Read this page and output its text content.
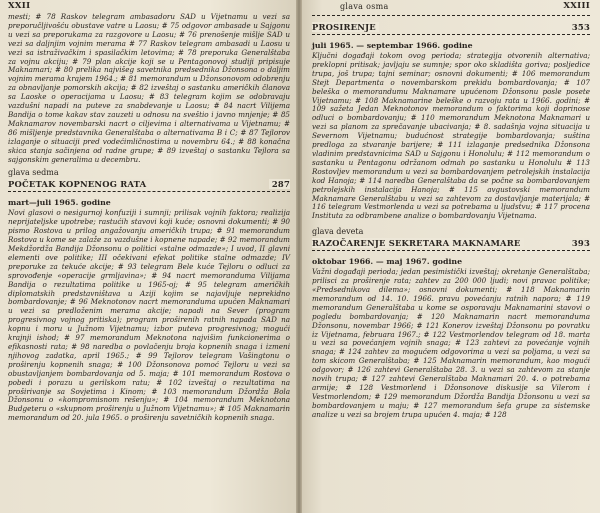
XXII

mesti; # 78 Raskov telegram ambasadoru SAD u Vijetnamu u vezi sa preporučljivošću obustave vatre u Laosu; # 75 odgovor ambasade u Sajgonu u vezi sa preporukama za razgovore u Laosu; # 76 prenošenje mišlje SAD u vezi sa daljnjim vojnim merama # 77 Raskov telegram ambasadi u Laosu u vezi sa istraživačkim i spasilačkim letovima; # 78 preporuka Generalštaba za vojnu akciju; # 79 plan akcije koji se u Pentagonovoj studiji pripisuje Maknamari; # 80 prelika najvišeg savetnika predsednika Džonsona o daljim vojnim merama krajem 1964.; # 81 memorandum u Džonsonovom odobrenju za obnavljanje pomorskih akcija; # 82 izveštaj o sastanku američkih članova sa Laoske o operacijama u Laosu; # 83 telegram kojim se odobravaju vazdušni napadi na puteve za snabdevanje u Laosu; # 84 nacrt Vilijema Bandija o tome kakav stav zauzeti u odnosu na sveštio i javno mnjenje; # 85 Maknamarov novembarski nacrt o ciljevima i alternativama u Vijetnamu; # 86 mišljenje predstavnika Generalštaba o alternativama B i C; # 87 Tejlorov izlaganje o situaciji pred vodećimličnostima u novembru 64.; # 88 konačna skica stanja sačinjena od radne grupe; # 89 izveštaj o sastanku Tejlora sa sajgonskim generalima u decembru.

glava sedma
POČETAK KOPNENOG RATA	287
mart—juli 1965. godine

Novi glasovi o nesigurnoj konfuziji i sumnji; prilisak vojnih faktora; realizija neprijateljske upotrebe; rastućih stavovi koji kuće; osnovni dokumenti; # 90 pismo Rostova u prilog angažovanju američkih trupa; # 91 memorandum Rostova u kome se zalaže za vazdušne i kopnene napade; # 92 memorandum Mekdžordža Bandija Džonsonu o politici «stalne odmazde»; I uvod, II glavni elementi ove politike; III očekivani efekat politike stalne odmazde; IV preporuke za tekuće akcije; # 93 telegram Bele kuće Tejloru o odluci za sprovođenje «operacije grmljavina»; # 94 nacrt memoranduma Vilijama Bandija o rezultatima politike u 1965-oj; # 95 telegram američkih diplomatskih predstavništava u Aziji kojim se najavljuje neprekidno bombardovanje; # 96 Meknotonov nacrt memoranduma upućen Maknamari u vezi sa predloženim merama akcije; napadi na Sever (program progresivnog vojnog pritiska); program proširenih ratnih napada SAD na kopnu i moru u Južnom Vijetnamu; izbor puteva progresivnog; mogući krajnji ishod; # 97 memorandum Meknotona najvišim funkcionerima o efikasnosti rata; # 98 naredba o povlačenju broja kopnenih snaga i izmeni njihovog zadatka, april 1965.; # 99 Tejlorov telegram Vašingtonu o proširenju kopnenih snaga; # 100 Džonsonova pomoć Tejloru u vezi sa obustavljanjem bombardovanja od 5. maja; # 101 memorandum Rostova o pobedi i porazu u gerilskom ratu; # 102 izveštaj o rezultatima na proširivanje sa Sovjetima i Kinom; # 103 memorandum Džordža Bola Džonsonu o «kompromisnom rešenju»; # 104 memorandum Meknotona Budgeteru o «skupnom proširenju u Južnom Vijetnamu»; # 105 Maknamarin memorandum od 20. jula 1965. o proširenju savetničkih kopnenih snaga.

glava osma	XXIII
PROSIRENJE	353
juli 1965. — septembar 1966. godine

Ključni događaji tokom ovog perioda; strategija otvorenih alternativa; preklopni pritisak; javljaju se sumnje; spor oko skladišta goriva; posljedice trupa, još trupa; tajni seminar; osnovni dokumenti; # 106 memorandum Stejt Departmenta o novembarskom prekidu bombardovanja; # 107 beleška o memorandumu Maknamare upućenom Džonsonu posle posete Vijetnamu; # 108 Maknamarine beleške o razvoju rata u 1966. godini; # 109 sažeta Jedan Meknotonov memorandum o faktorima koji doprinose odluci o bombardovanju; # 110 memorandum Meknotona Maknamari u vezi sa planom za sprečavanje ubacivanja; # 8. sadašnja vojna situacija u Severnom Vijetnamu; budućnost strategije bombardovanja; suština predloga za stvaranje barijere; # 111 izlaganje predsednika Džonsona vladinim predstavnicima SAD u Sajgonu i Honolulu; # 112 memorandum o sastanku u Pentagonu održanom odmah po sastanku u Honolulu # 113 Rostovljev memorandum u vezi sa bombardovanjem petrolejskih instalacija kod Hanoja; # 114 naredba Generalštaba da se počne sa bombardovanjem petrolejskih instalacija Hanoja; # 115 avgustovski memorandum Maknamare Generalštabu u vezi sa zahtevom za dostavljanje materijala; # 116 telegram Vestmorlenda u vezi sa potrebama u ljudstvu; # 117 procena Instituta za odbrambene analize o bombardovanju Vijetnama.

glava deveta
RAZOČARENJE SEKRETARA MAKNAMARE	393
oktobar 1966. — maj 1967. godine

Važni događaji perioda; jedan pesimistički izveštaj; okretanje Generalštaba; prilisci za proširenje rata; zahtev za 200 000 ljudi; novi pravac politike; «Predsednikova dilema»; osnovni dokumenti; # 118 Maknamarin memorandum od 14. 10. 1966. pravu povećanju ratnih napora; # 119 memorandum Generalštaba u kome se osporavaju Maknamarini stavovi o pogledu bombardovanja; # 120 Maknamarin nacrt memoranduma Džonsonu, novembar 1966; # 121 Konerov izveštaj Džonsonu po povratku iz Vijetnama, februara 1967.; # 122 Vestmorlendov telegram od 18. marta u vezi sa povećanjem vojnih snaga; # 123 zahtevi za povećanje vojnih snaga; # 124 zahtev za mogućem odgovorima u vezi sa poljama, u vezi sa tom skicom Generalštaba; # 125 Maknamarin memorandum, kao mogući odgovor; # 126 zahtevi Generalštaba 28. 3. u vezi sa zahtevom za stanje novih trupa; # 127 zahtevi Generalštaba Maknamari 20. 4. o potrebama armije; # 128 Vestmorlend i Džonsonove diskusije sa Vilerom i Vestmorlendom; # 129 memorandum Džordža Bandija Džonsonu u vezi sa bombardovanjem u maju; # 127 memorandum šefa grupe za sistemske analize u vezi sa brojem trupa upućen 4. maja; # 128
